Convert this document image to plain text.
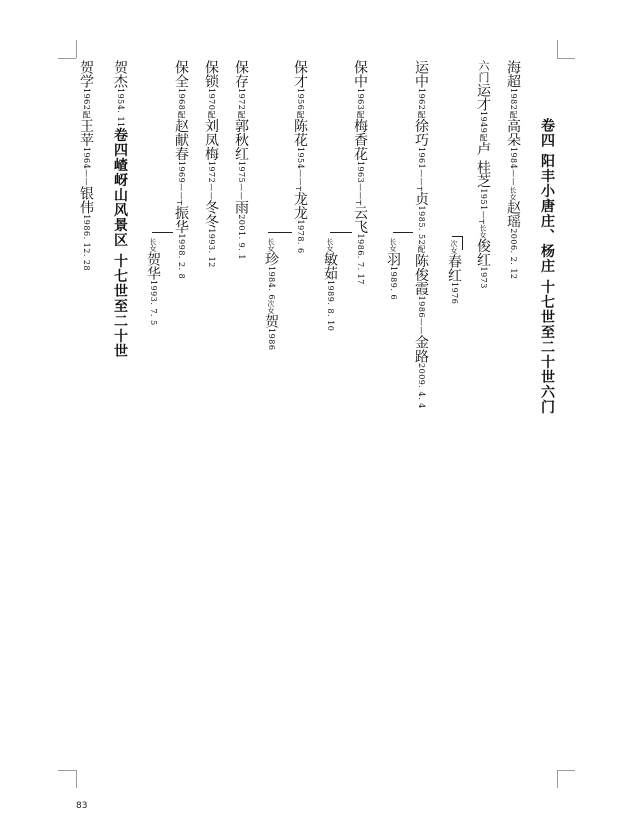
卷四 阳丰小唐庄、杨庄 十七世至二十世六门
海超1982配高朵1984——长女赵瑶2006. 2. 12
六门运才1949配卢 桂芝1951—┬长女俊红1973
次女春红1976
运中1962配徐巧1961——┬贞1985. 52配陈俊霞1986——金路2009. 4. 4
长女羽1989. 6
保中1963配梅香花1963——┬云飞1986. 7. 17
长女敏茹1989. 8. 10
保才1956配陈花1954——┬龙龙1978. 6
长女珍1984. 6次女贺1986
保存1972配郭秋红1975——雨2001. 9. 1
保锁1970配刘凤梅1972——冬冬1993. 12
保全1968配赵献春1969——┬振华1998. 2. 8
长女贺华1993. 7. 5
贺杰1954. 11卷四嵖岈山风景区 十七世至二十世
贺学1962配王苹1964——银伟1986. 12. 28
83
